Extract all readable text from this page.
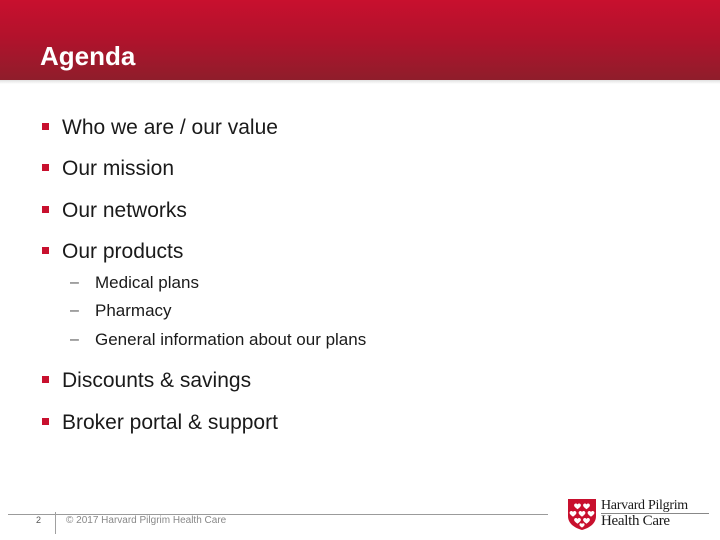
Agenda
Who we are / our value
Our mission
Our networks
Our products
– Medical plans
– Pharmacy
– General information about our plans
Discounts & savings
Broker portal & support
2 © 2017 Harvard Pilgrim Health Care
Harvard Pilgrim
Health Care
